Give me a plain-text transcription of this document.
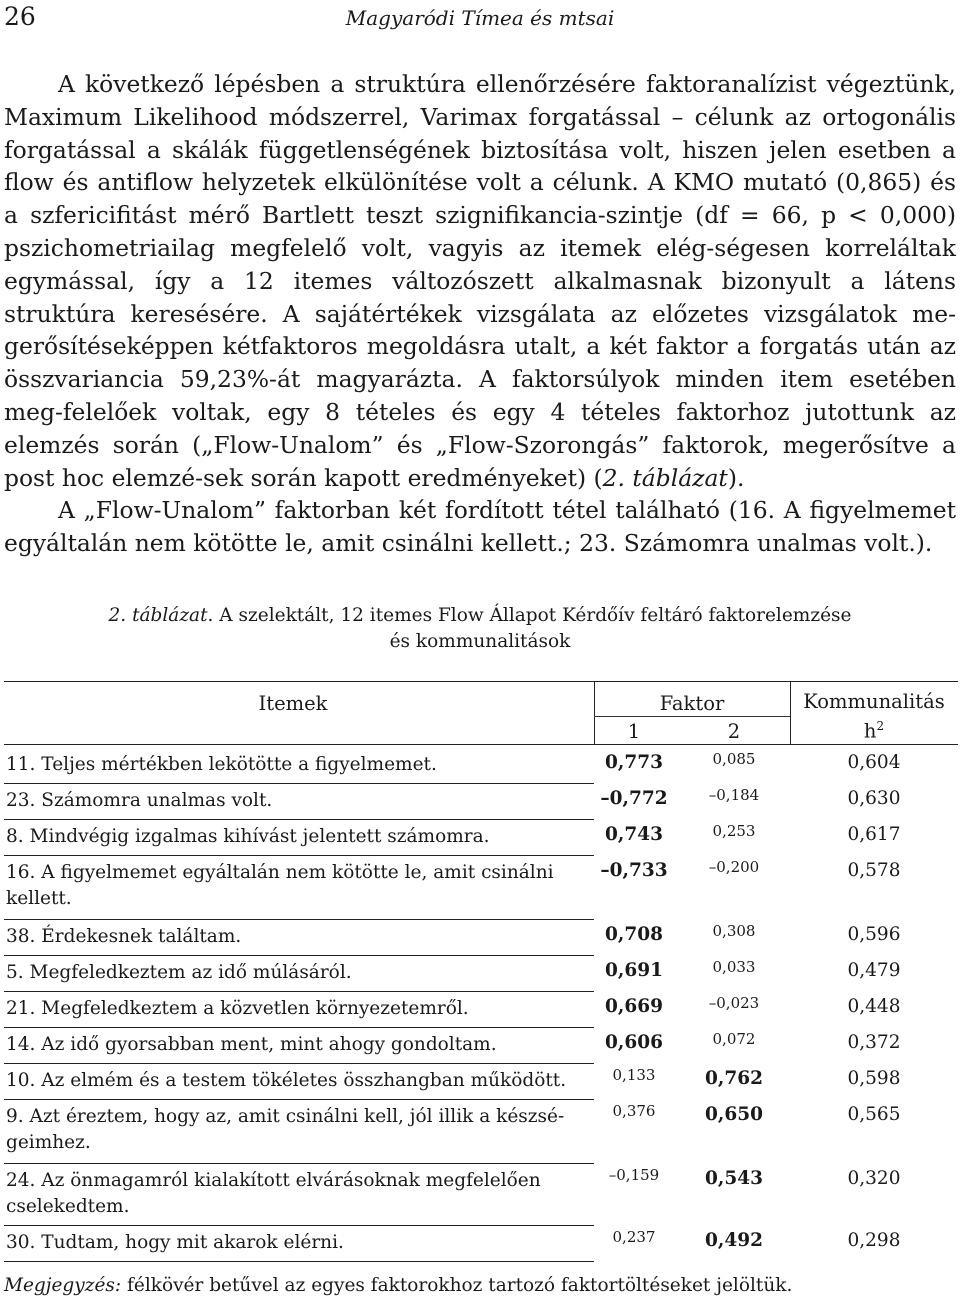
26	Magyaródi Tímea és mtsai

A következő lépésben a struktúra ellenőrzésére faktoranalízist végeztünk, Maximum Likelihood módszerrel, Varimax forgatással – célunk az ortogonális forgatással a skálák függetlenségének biztosítása volt, hiszen jelen esetben a flow és antiflow helyzetek elkülönítése volt a célunk. A KMO mutató (0,865) és a szfericifitást mérő Bartlett teszt szignifikancia-szintje (df = 66, p < 0,000) pszichometriailag megfelelő volt, vagyis az itemek elég-ségesen korreláltak egymással, így a 12 itemes változószett alkalmasnak bizonyult a látens struktúra keresésére. A sajátértékek vizsgálata az előzetes vizsgálatok me-gerősítéseképpen kétfaktoros megoldásra utalt, a két faktor a forgatás után az összvariancia 59,23%-át magyarázta. A faktorsúlyok minden item esetében meg-felelőek voltak, egy 8 tételes és egy 4 tételes faktorhoz jutottunk az elemzés során („Flow-Unalom” és „Flow-Szorongás” faktorok, megerősítve a post hoc elemzé-sek során kapott eredményeket) (2. táblázat).

A „Flow-Unalom” faktorban két fordított tétel található (16. A figyelmemet egyáltalán nem kötötte le, amit csinálni kellett.; 23. Számomra unalmas volt.).

2. táblázat. A szelektált, 12 itemes Flow Állapot Kérdőív feltáró faktorelemzése
és kommunalitások
Itemek	Faktor
1	2
Kommunalitás
$h^2$
11. Teljes mértékben lekötötte a figyelmemet.	0,773	0,085	0,604
23. Számomra unalmas volt.	–0,772	–0,184	0,630
8. Mindvégig izgalmas kihívást jelentett számomra.	0,743	0,253	0,617
16. A figyelmemet egyáltalán nem kötötte le, amit csinálni kellett.
–0,733	–0,200	0,578
38. Érdekesnek találtam.	0,708	0,308	0,596
5. Megfeledkeztem az idő múlásáról.	0,691	0,033	0,479
21. Megfeledkeztem a közvetlen környezetemről.	0,669	–0,023	0,448
14. Az idő gyorsabban ment, mint ahogy gondoltam.	0,606	0,072	0,372
10. Az elmém és a testem tökéletes összhangban működött.	0,133	0,762	0,598
9. Azt éreztem, hogy az, amit csinálni kell, jól illik a készsé-geimhez.
0,376	0,650	0,565
24. Az önmagamról kialakított elvárásoknak megfelelően cselekedtem.
–0,159	0,543	0,320
30. Tudtam, hogy mit akarok elérni.	0,237	0,492	0,298
Megjegyzés: félkövér betűvel az egyes faktorokhoz tartozó faktortöltéseket jelöltük.
